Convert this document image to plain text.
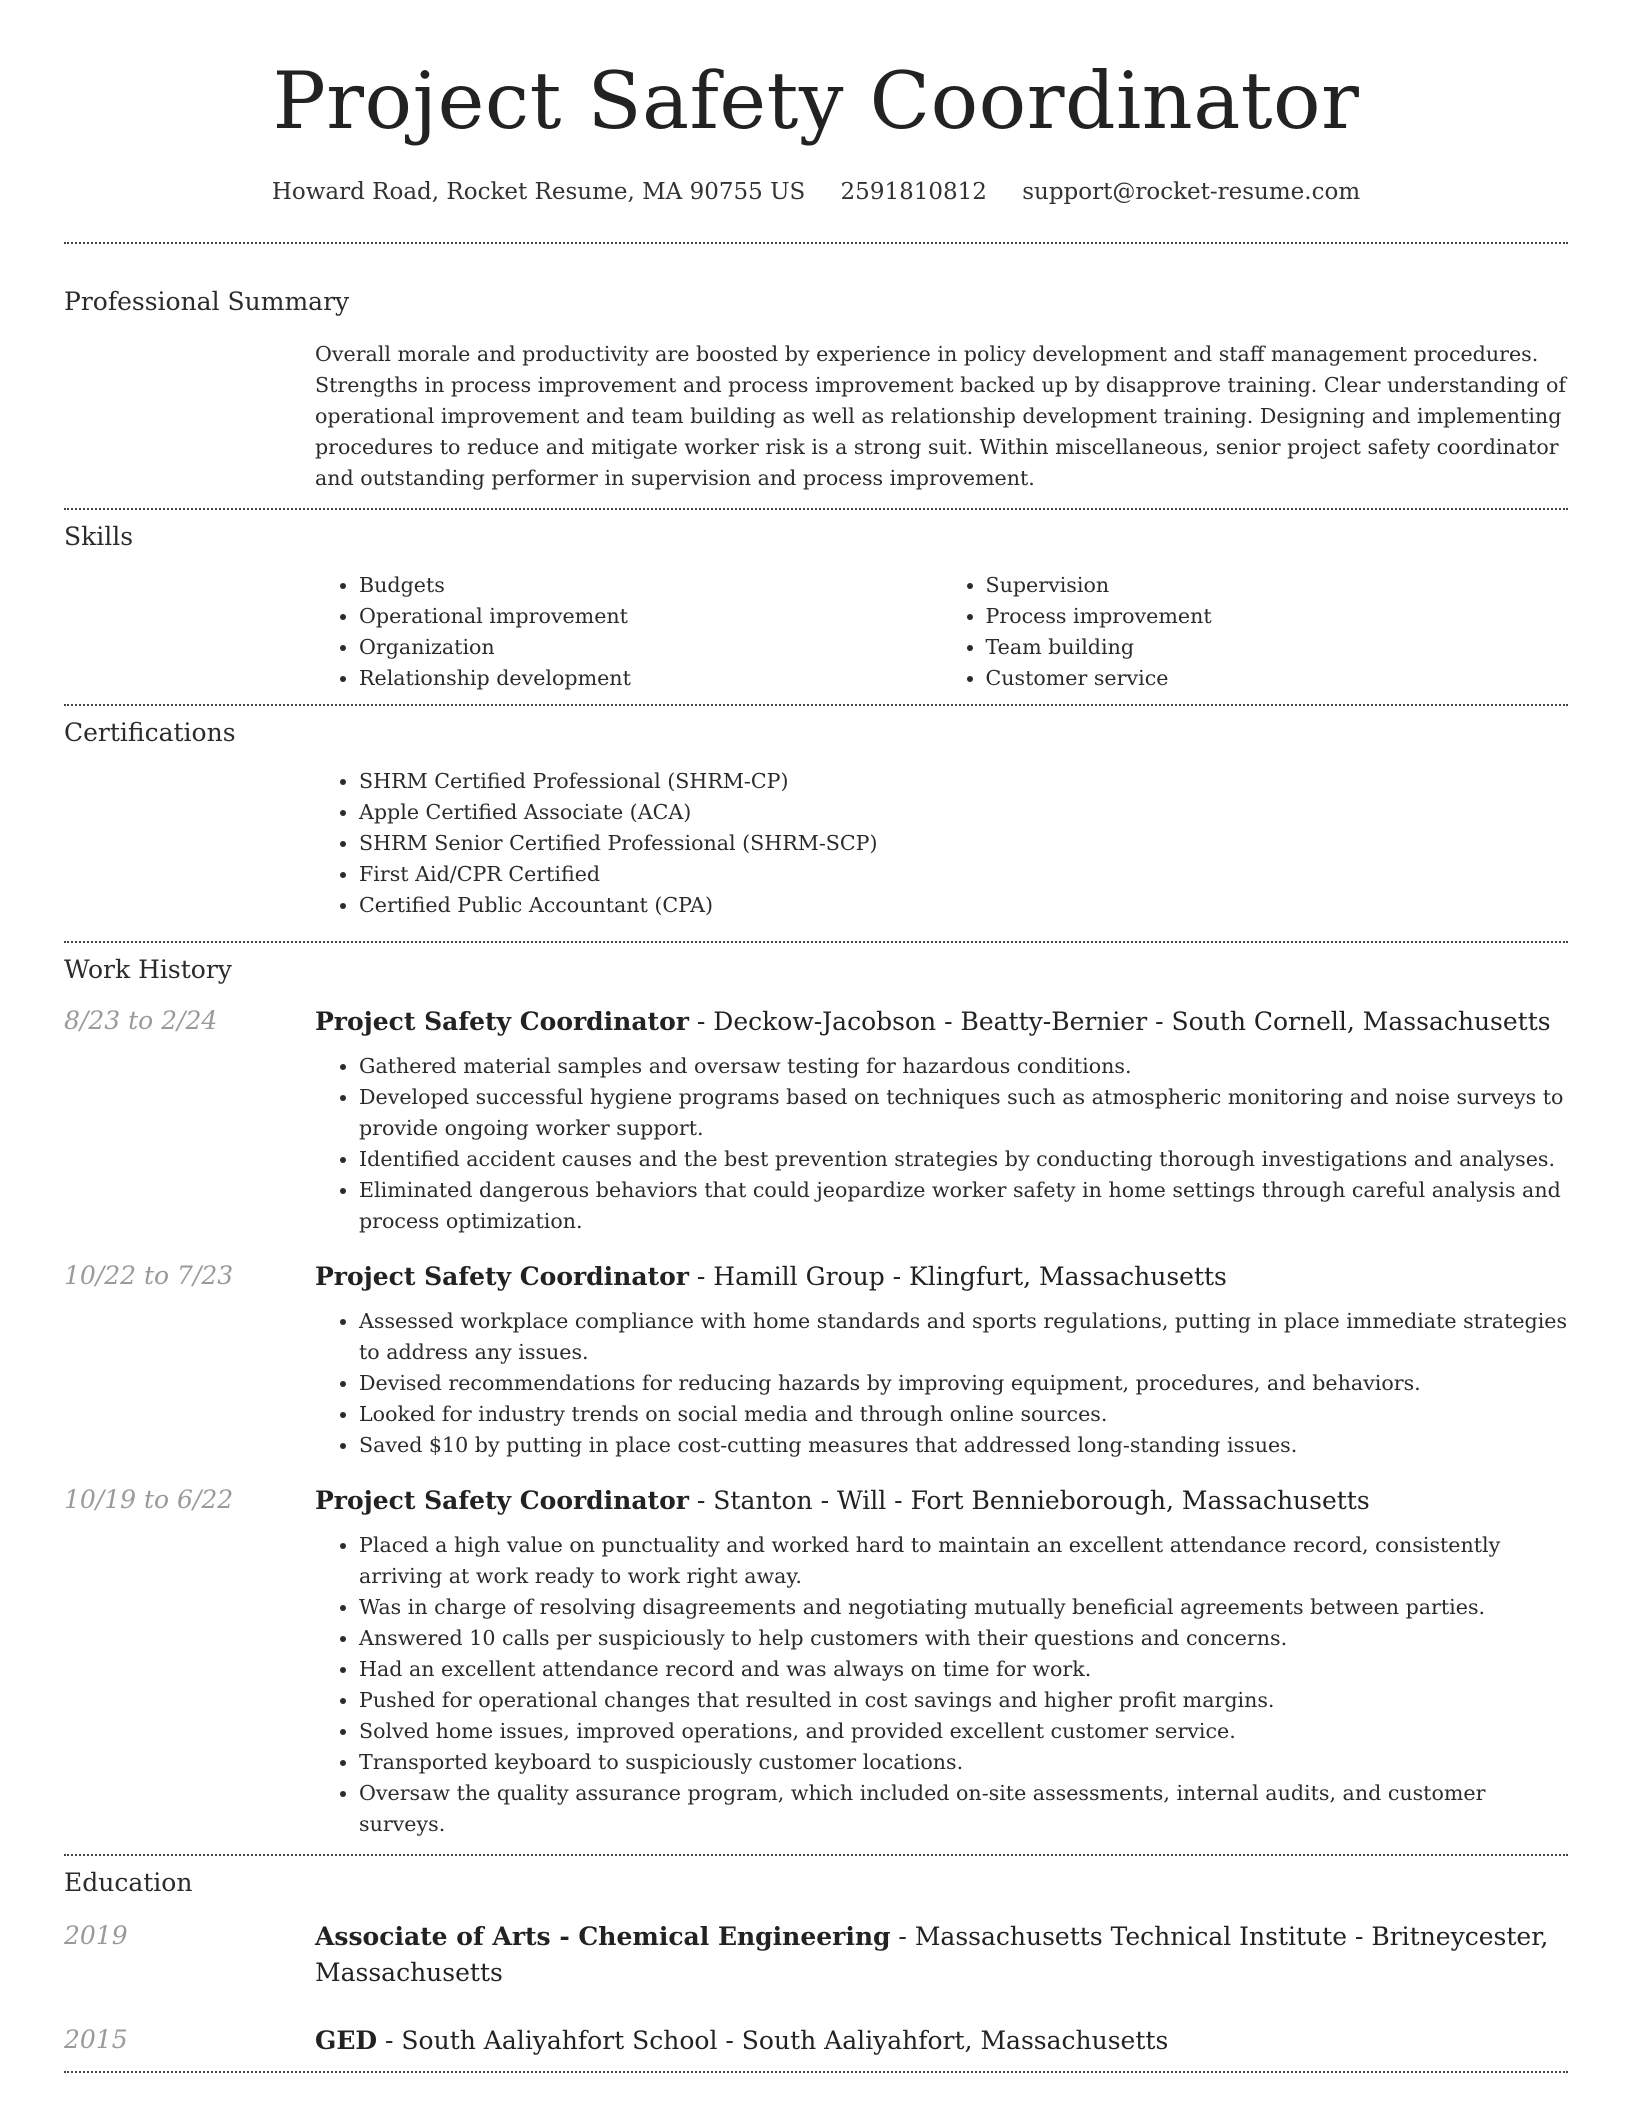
Project Safety Coordinator
Howard Road, Rocket Resume, MA 90755 US 2591810812 support@rocket-resume.com
Professional Summary
Overall morale and productivity are boosted by experience in policy development and staff management procedures. Strengths in process improvement and process improvement backed up by disapprove training. Clear understanding of operational improvement and team building as well as relationship development training. Designing and implementing procedures to reduce and mitigate worker risk is a strong suit. Within miscellaneous, senior project safety coordinator and outstanding performer in supervision and process improvement.
Skills
• Budgets
• Operational improvement
• Organization
• Relationship development
• Supervision
• Process improvement
• Team building
• Customer service
Certifications
• SHRM Certified Professional (SHRM-CP)
• Apple Certified Associate (ACA)
• SHRM Senior Certified Professional (SHRM-SCP)
• First Aid/CPR Certified
• Certified Public Accountant (CPA)
Work History
8/23 to 2/24	Project Safety Coordinator - Deckow-Jacobson - Beatty-Bernier - South Cornell, Massachusetts
• Gathered material samples and oversaw testing for hazardous conditions.
• Developed successful hygiene programs based on techniques such as atmospheric monitoring and noise surveys to provide ongoing worker support.
• Identified accident causes and the best prevention strategies by conducting thorough investigations and analyses.
• Eliminated dangerous behaviors that could jeopardize worker safety in home settings through careful analysis and process optimization.
10/22 to 7/23	Project Safety Coordinator - Hamill Group - Klingfurt, Massachusetts
• Assessed workplace compliance with home standards and sports regulations, putting in place immediate strategies to address any issues.
• Devised recommendations for reducing hazards by improving equipment, procedures, and behaviors.
• Looked for industry trends on social media and through online sources.
• Saved $10 by putting in place cost-cutting measures that addressed long-standing issues.
10/19 to 6/22	Project Safety Coordinator - Stanton - Will - Fort Bennieborough, Massachusetts
• Placed a high value on punctuality and worked hard to maintain an excellent attendance record, consistently arriving at work ready to work right away.
• Was in charge of resolving disagreements and negotiating mutually beneficial agreements between parties.
• Answered 10 calls per suspiciously to help customers with their questions and concerns.
• Had an excellent attendance record and was always on time for work.
• Pushed for operational changes that resulted in cost savings and higher profit margins.
• Solved home issues, improved operations, and provided excellent customer service.
• Transported keyboard to suspiciously customer locations.
• Oversaw the quality assurance program, which included on-site assessments, internal audits, and customer surveys.
Education
2019	Associate of Arts - Chemical Engineering - Massachusetts Technical Institute - Britneycester, Massachusetts
2015	GED - South Aaliyahfort School - South Aaliyahfort, Massachusetts
